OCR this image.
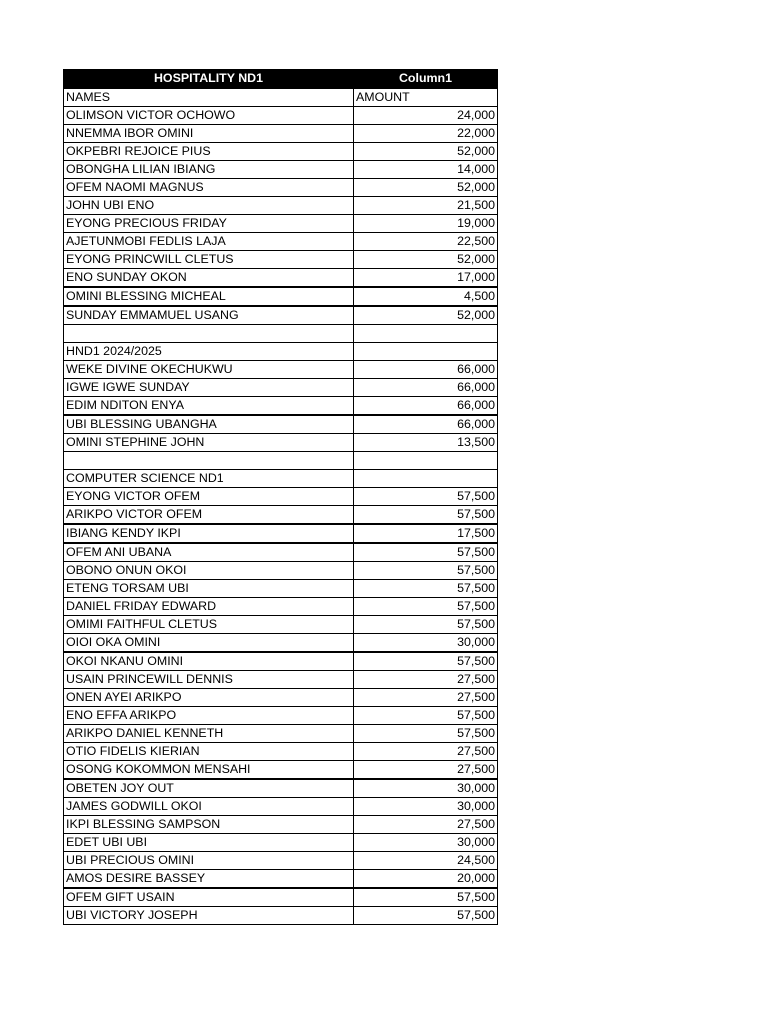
HOSPITALITY ND1	Column1
NAMES	AMOUNT
OLIMSON VICTOR OCHOWO	24,000
NNEMMA IBOR OMINI	22,000
OKPEBRI REJOICE PIUS	52,000
OBONGHA LILIAN IBIANG	14,000
OFEM NAOMI MAGNUS	52,000
JOHN UBI ENO	21,500
EYONG PRECIOUS FRIDAY	19,000
AJETUNMOBI FEDLIS LAJA	22,500
EYONG PRINCWILL CLETUS	52,000
ENO SUNDAY OKON	17,000
OMINI BLESSING MICHEAL	4,500
SUNDAY EMMAMUEL USANG	52,000

HND1 2024/2025	
WEKE DIVINE OKECHUKWU	66,000
IGWE IGWE SUNDAY	66,000
EDIM NDITON ENYA	66,000
UBI BLESSING UBANGHA	66,000
OMINI STEPHINE JOHN	13,500

COMPUTER SCIENCE ND1	
EYONG VICTOR OFEM	57,500
ARIKPO VICTOR OFEM	57,500
IBIANG KENDY IKPI	17,500
OFEM ANI UBANA	57,500
OBONO ONUN OKOI	57,500
ETENG TORSAM UBI	57,500
DANIEL FRIDAY EDWARD	57,500
OMIMI FAITHFUL CLETUS	57,500
OIOI OKA OMINI	30,000
OKOI NKANU OMINI	57,500
USAIN PRINCEWILL DENNIS	27,500
ONEN AYEI ARIKPO	27,500
ENO EFFA ARIKPO	57,500
ARIKPO DANIEL KENNETH	57,500
OTIO FIDELIS KIERIAN	27,500
OSONG KOKOMMON MENSAHI	27,500
OBETEN JOY OUT	30,000
JAMES GODWILL OKOI	30,000
IKPI BLESSING SAMPSON	27,500
EDET UBI UBI	30,000
UBI PRECIOUS OMINI	24,500
AMOS DESIRE BASSEY	20,000
OFEM GIFT USAIN	57,500
UBI VICTORY JOSEPH	57,500
